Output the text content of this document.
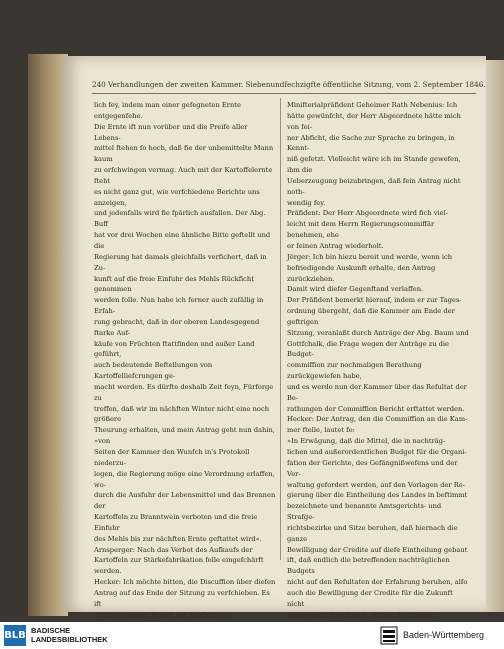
240 Verhandlungen der zweiten Kammer. Siebenundfechzigfte öffentliche Sitzung, vom 2. September 1846.

lich fey, indem man einer gefegneten Ernte entgegenfehe.

Die Ernte ift nun vorüber und die Preife aller Lebens-

mittel ftehen fo hoch, daß fie der unbemittelte Mann kaum

zu erfchwingen vermag. Auch mit der Kartoffelernte fteht

es nicht ganz gut, wie verfchiedene Berichte uns anzeigen,

und jedenfalls wird fie fpärlich ausfallen. Der Abg. Buff

hat vor drei Wochen eine ähnliche Bitte geftellt und die

Regierung hat damals gleichfalls verfichert, daß in Zu-

kunft auf die freie Einfuhr des Mehls Rückficht genommen

werden folle. Nun habe ich ferner auch zufällig in Erfah-

rung gebracht, daß in der oberen Landesgegend ftarke Auf-

käufe von Früchten ftattfinden und außer Land geführt,

auch bedeutende Beftellungen von Kartoffelliefcrungen ge-

macht werden. Es dürfte deshalb Zeit feyn, Fürforge zu

treffen, daß wir im nächften Winter nicht eine noch größere

Theurung erhalten, und mein Antrag geht nun dahin, »von

Seiten der Kammer den Wunfch in's Protokoll niederzu-

legen, die Regierung möge eine Verordnung erlaffen, wo-

durch die Ausfuhr der Lebensmittel und das Brennen der

Kartoffeln zu Branntwein verboten und die freie Einfuhr

des Mehls bis zur nächften Ernte geftattet wird«.

Arnsperger: Nach das Verbot des Aufkaufs der

Kartoffeln zur Stärkefabrikation folle eingefchärft werden.

Hecker: Ich möchte bitten, die Discuffion über diefen

Antrag auf das Ende der Sitzung zu verfchieben. Es ift

darin von einem Verbot der Ausfuhr von

Minifterialpräfident Geheimer Rath Nebenius: Ich

hätte gewünfcht, der Herr Abgeordnete hätte mich von fei-

ner Abficht, die Sache zur Sprache zu bringen, in Kennt-

niß gefetzt. Vielleicht wäre ich im Stande gewefen, ihm die

Ueberzeugung beizubringen, daß fein Antrag nicht noth-

wendig fey.

Präfident: Der Herr Abgeordnete wird fich viel-

leicht mit dem Herrn Regierungscommiffär benehmen, ehe

er feinen Antrag wiederholt.

Jörger: Ich bin hiezu bereit und werde, wenn ich

befriedigende Auskunft erhalte, den Antrag zurückziehen.

Damit wird diefer Gegenftand verlaffen.

Der Präfident bemerkt hierauf, indem er zur Tages-

ordnung übergeht, daß die Kammer am Ende der geftrigen

Sitzung, veranlaßt durch Anträge der Abg. Baum und

Gottfchalk, die Frage wegen der Anträge zu die Budget-

commiffion zur nochmaligen Berathung zurückgewiefen habe,

und es werde nun der Kammer über das Refultat der Be-

rathungen der Commiffion Bericht erftattet werden.

Hecker: Der Antrag, den die Commiffion an die Kam-

mer ftelle, lautet fo:

»In Erwägung, daß die Mittel, die in nachträg-

lichen und außerordentlichen Budget für die Organi-

fation der Gerichte, des Gefängnißwefens und der Ver-

waltung gefordert werden, auf den Vorlagen der Re-

gierung über die Eintheilung des Landes in beftimmt

bezeichnete und benannte Amtsgerichts- und Strafge-

richtsbezirke und Sitze beruhen, daß hiernach die ganze

Bewilligung der Credite auf diefe Eintheilung gebaut

ift, daß endlich die betreffenden nachträglichen Budgets

nicht auf den Refultaten der Erfahrung beruhen, alfo

auch die Bewilligung der Credite für die Zukunft nicht

maßgebend feyn könne, erklärt die Kammer:

BLB BADISCHE
LANDESBIBLIOTHEK	Baden-Württemberg
